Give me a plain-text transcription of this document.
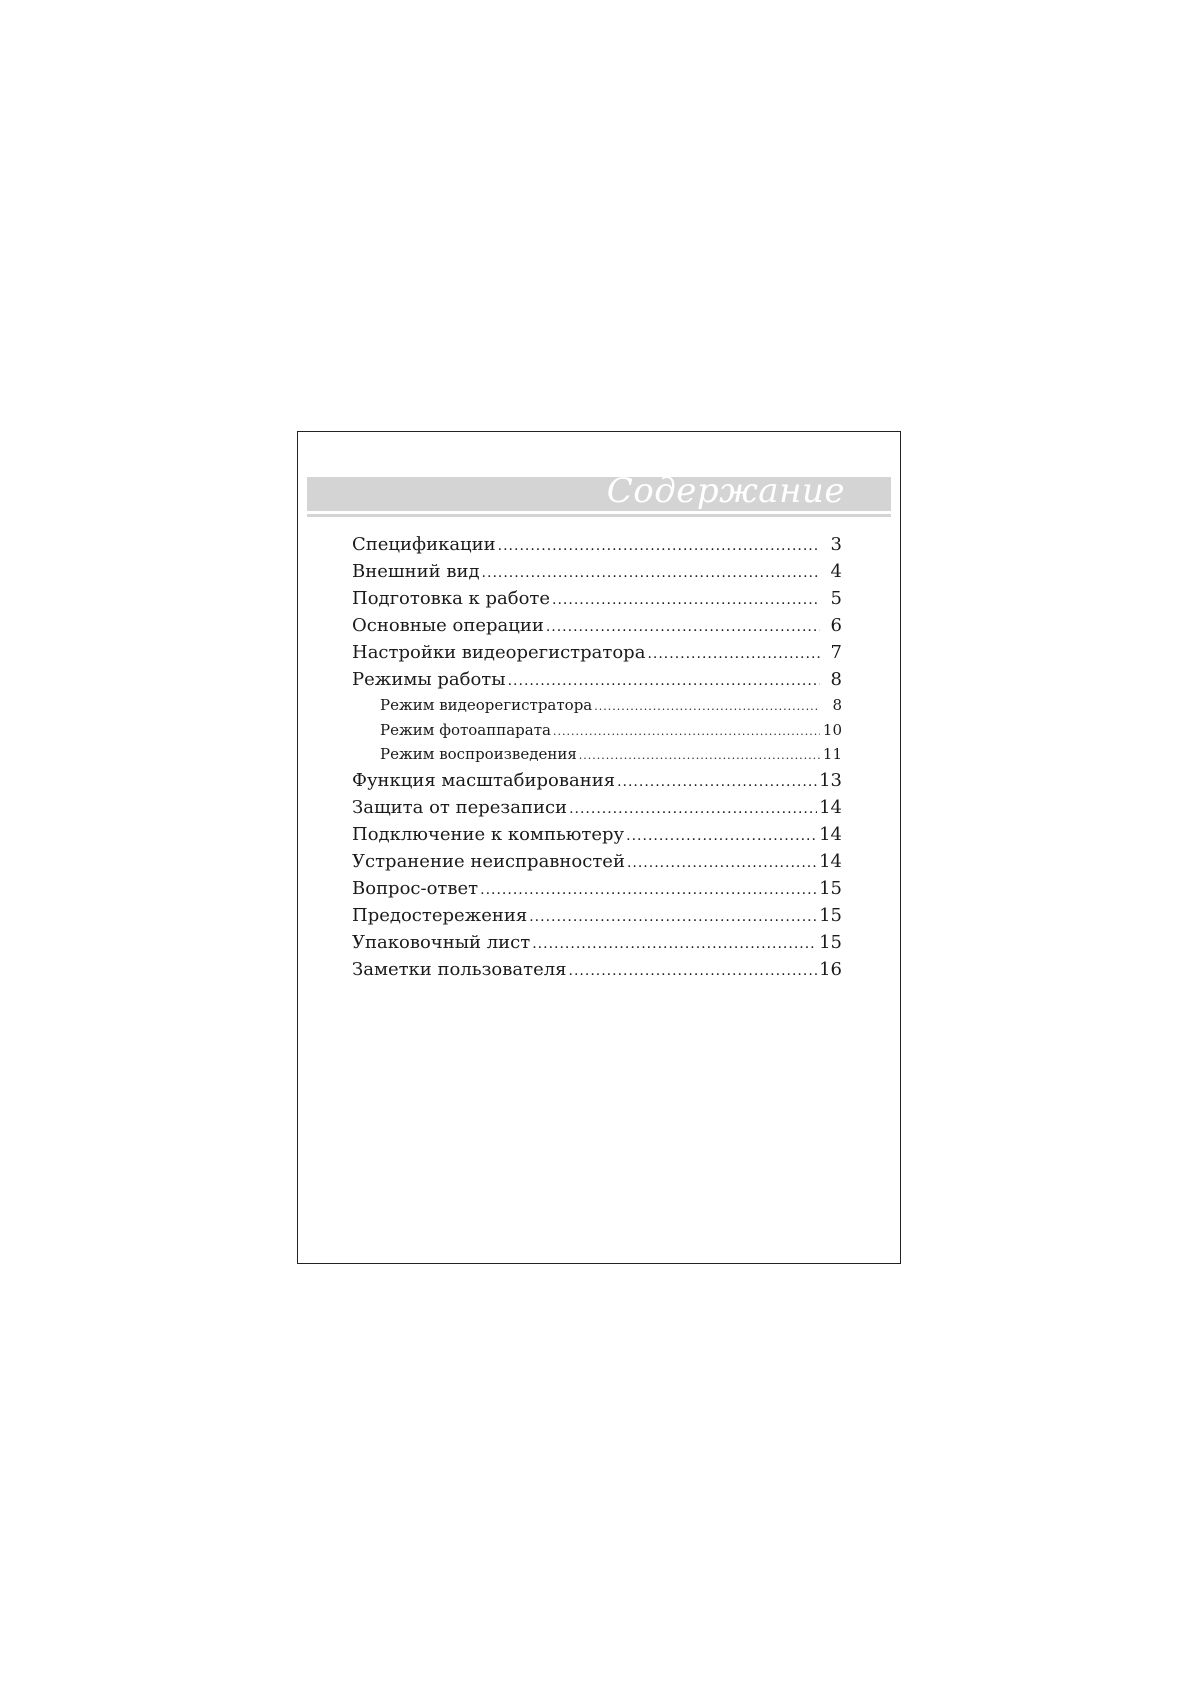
Содержание
Спецификации .....	3
Внешний вид .....	4
Подготовка к работе .....	5
Основные операции .....	6
Настройки видеорегистратора .....	7
Режимы работы .....	8
Режим видеорегистратора .....	8
Режим фотоаппарата .....	10
Режим воспроизведения .....	11
Функция масштабирования .....	13
Защита от перезаписи .....	14
Подключение к компьютеру .....	14
Устранение неисправностей .....	14
Вопрос-ответ .....	15
Предостережения .....	15
Упаковочный лист .....	15
Заметки пользователя .....	16
